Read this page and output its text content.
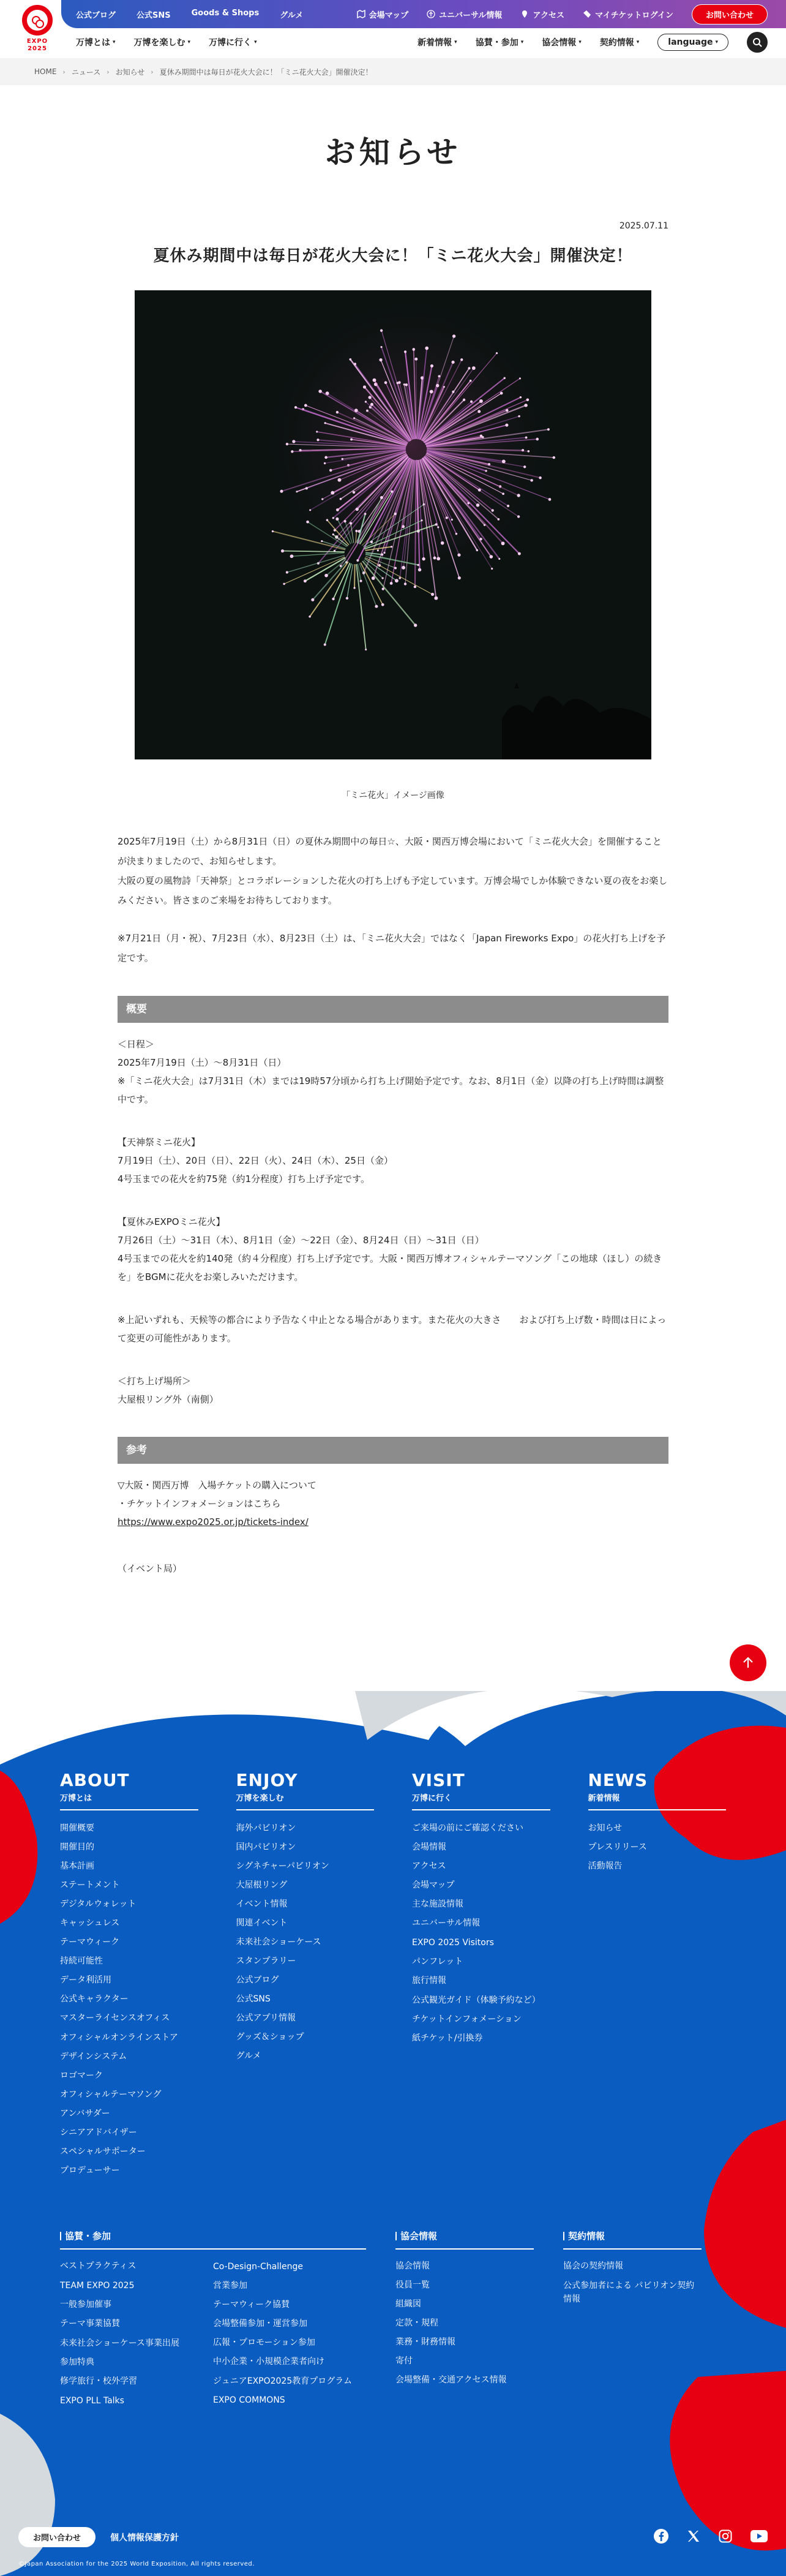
EXPO
2025
公式ブログ	公式SNS	Goods & Shops	グルメ	会場マップ	ユニバーサル情報	アクセス	マイチケットログイン	お問い合わせ
万博とは ▾ 万博を楽しむ ▾ 万博に行く ▾	新着情報 ▾ 協賛・参加 ▾ 協会情報 ▾ 契約情報 ▾	language ▾
HOME › ニュース › お知らせ › 夏休み期間中は毎日が花火大会に！「ミニ花火大会」開催決定！
お知らせ
2025.07.11
夏休み期間中は毎日が花火大会に！「ミニ花火大会」開催決定！
「ミニ花火」イメージ画像

2025年7月19日（土）から8月31日（日）の夏休み期間中の毎日☆、大阪・関西万博会場において「ミニ花火大会」を開催することが決まりましたので、お知らせします。

大阪の夏の風物詩「天神祭」とコラボレーションした花火の打ち上げも予定しています。万博会場でしか体験できない夏の夜をお楽しみください。皆さまのご来場をお待ちしております。

※7月21日（月・祝）、7月23日（水）、8月23日（土）は、「ミニ花火大会」ではなく「Japan Fireworks Expo」の花火打ち上げを予定です。

概要

＜日程＞

2025年7月19日（土）～8月31日（日）

※「ミニ花火大会」は7月31日（木）までは19時57分頃から打ち上げ開始予定です。なお、8月1日（金）以降の打ち上げ時間は調整中です。

【天神祭ミニ花火】

7月19日（土）、20日（日）、22日（火）、24日（木）、25日（金）

4号玉までの花火を約75発（約1分程度）打ち上げ予定です。

【夏休みEXPOミニ花火】

7月26日（土）～31日（木）、8月1日（金）～22日（金）、8月24日（日）～31日（日）

4号玉までの花火を約140発（約４分程度）打ち上げ予定です。大阪・関西万博オフィシャルテーマソング「この地球（ほし）の続きを」をBGMに花火をお楽しみいただけます。

※上記いずれも、天候等の都合により予告なく中止となる場合があります。また花火の大きさ　　および打ち上げ数・時間は日によって変更の可能性があります。

＜打ち上げ場所＞

大屋根リング外（南側）

参考

▽大阪・関西万博　入場チケットの購入について

・チケットインフォメーションはこちら

https://www.expo2025.or.jp/tickets-index/

（イベント局）
ABOUT
万博とは
開催概要
開催目的
基本計画
ステートメント
デジタルウォレット
キャッシュレス
テーマウィーク
持続可能性
データ利活用
公式キャラクター
マスターライセンスオフィス
オフィシャルオンラインストア
デザインシステム
ロゴマーク
オフィシャルテーマソング
アンバサダー
シニアアドバイザー
スペシャルサポーター
プロデューサー
ENJOY
万博を楽しむ
海外パビリオン
国内パビリオン
シグネチャーパビリオン
大屋根リング
イベント情報
関連イベント
未来社会ショーケース
スタンプラリー
公式ブログ
公式SNS
公式アプリ情報
グッズ＆ショップ
グルメ
VISIT
万博に行く
ご来場の前にご確認ください
会場情報
アクセス
会場マップ
主な施設情報
ユニバーサル情報
EXPO 2025 Visitors
パンフレット
旅行情報
公式観光ガイド（体験予約など）
チケットインフォメーション
紙チケット/引換券
NEWS
新着情報
お知らせ
プレスリリース
活動報告
協賛・参加
ベストプラクティス
TEAM EXPO 2025
一般参加催事
テーマ事業協賛
未来社会ショーケース事業出展
参加特典
修学旅行・校外学習
EXPO PLL Talks
Co-Design-Challenge
営業参加
テーマウィーク協賛
会場整備参加・運営参加
広報・プロモーション参加
中小企業・小規模企業者向け
ジュニアEXPO2025教育プログラム
EXPO COMMONS
協会情報
協会情報
役員一覧
組織図
定款・規程
業務・財務情報
寄付
会場整備・交通アクセス情報
契約情報
協会の契約情報
公式参加者による パビリオン契約情報
お問い合わせ	個人情報保護方針
©Japan Association for the 2025 World Exposition, All rights reserved.
